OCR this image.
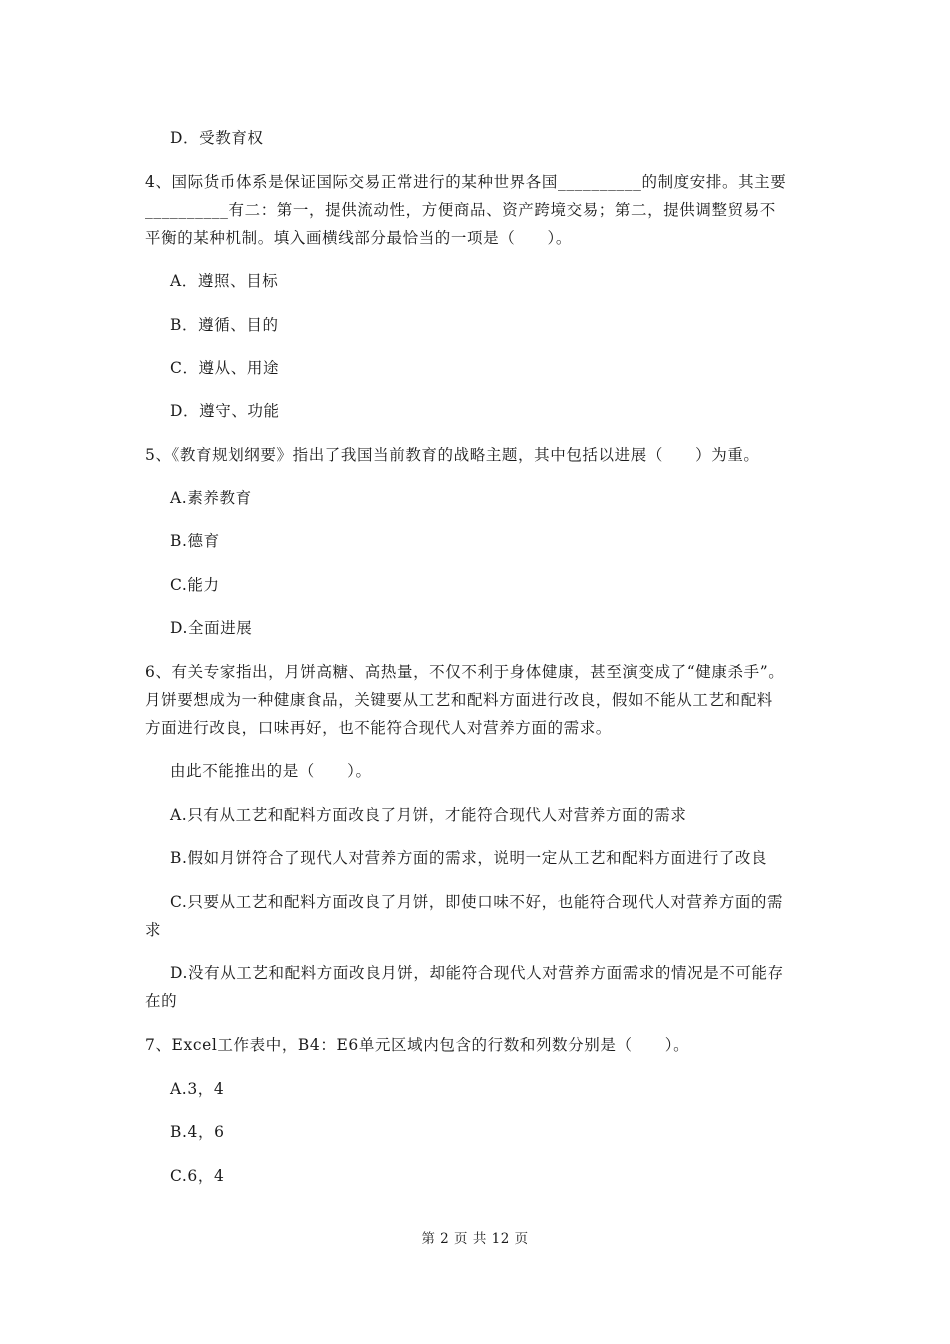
D．受教育权
4、国际货币体系是保证国际交易正常进行的某种世界各国__________的制度安排。其主要
__________有二：第一，提供流动性，方便商品、资产跨境交易；第二，提供调整贸易不
平衡的某种机制。填入画横线部分最恰当的一项是（　　）。
A．遵照、目标
B．遵循、目的
C．遵从、用途
D．遵守、功能
5、《教育规划纲要》指出了我国当前教育的战略主题，其中包括以进展（　　）为重。
A.素养教育
B.德育
C.能力
D.全面进展
6、有关专家指出，月饼高糖、高热量，不仅不利于身体健康，甚至演变成了“健康杀手”。
月饼要想成为一种健康食品，关键要从工艺和配料方面进行改良，假如不能从工艺和配料
方面进行改良，口味再好，也不能符合现代人对营养方面的需求。
由此不能推出的是（　　）。
A.只有从工艺和配料方面改良了月饼，才能符合现代人对营养方面的需求
B.假如月饼符合了现代人对营养方面的需求，说明一定从工艺和配料方面进行了改良
C.只要从工艺和配料方面改良了月饼，即使口味不好，也能符合现代人对营养方面的需
求
D.没有从工艺和配料方面改良月饼，却能符合现代人对营养方面需求的情况是不可能存
在的
7、Excel工作表中，B4：E6单元区域内包含的行数和列数分别是（　　）。
A.3，4
B.4，6
C.6，4
第 2 页 共 12 页
